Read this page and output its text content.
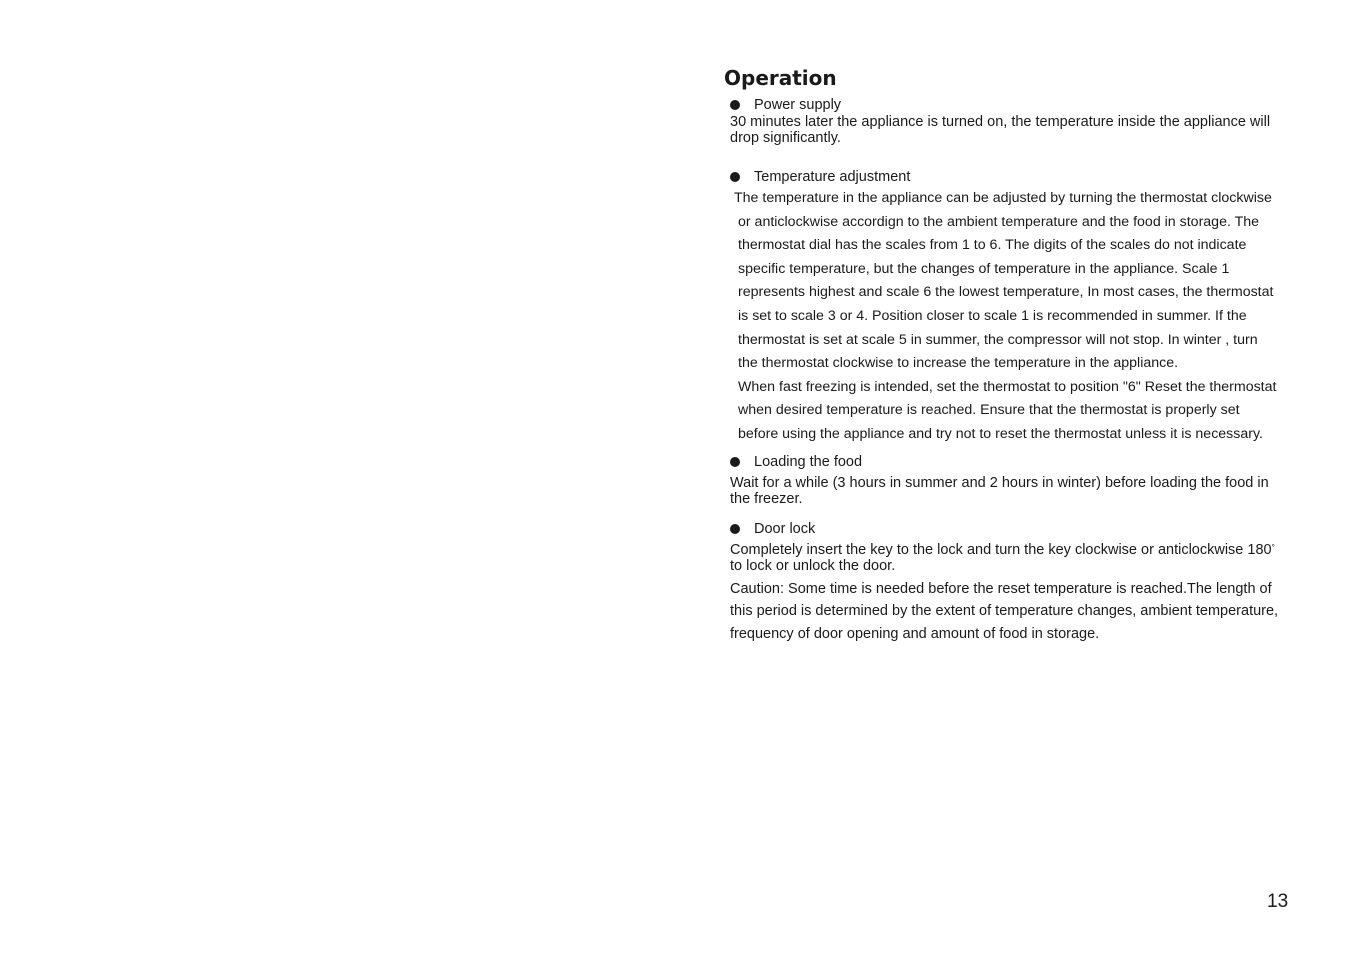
Operation
Power supply

30 minutes later the appliance is turned on, the temperature inside the appliance will drop significantly.

Temperature adjustment

The temperature in the appliance can be adjusted by turning the thermostat clockwise or anticlockwise accordign to the ambient temperature and the food in storage. The thermostat dial has the scales from 1 to 6. The digits of the scales do not indicate specific temperature, but the changes of temperature in the appliance. Scale 1 represents highest and scale 6 the lowest temperature, In most cases, the thermostat is set to scale 3 or 4. Position closer to scale 1 is recommended in summer. If the thermostat is set at scale 5 in summer, the compressor will not stop. In winter , turn the thermostat clockwise to increase the temperature in the appliance.

When fast freezing is intended, set the thermostat to position "6" Reset the thermostat when desired temperature is reached. Ensure that the thermostat is properly set before using the appliance and try not to reset the thermostat unless it is necessary.

Loading the food

Wait for a while (3 hours in summer and 2 hours in winter) before loading the food in the freezer.

Door lock

Completely insert the key to the lock and turn the key clockwise or anticlockwise 180°
to lock or unlock the door.

Caution: Some time is needed before the reset temperature is reached.The length of this period is determined by the extent of temperature changes, ambient temperature, frequency of door opening and amount of food in storage.

13
